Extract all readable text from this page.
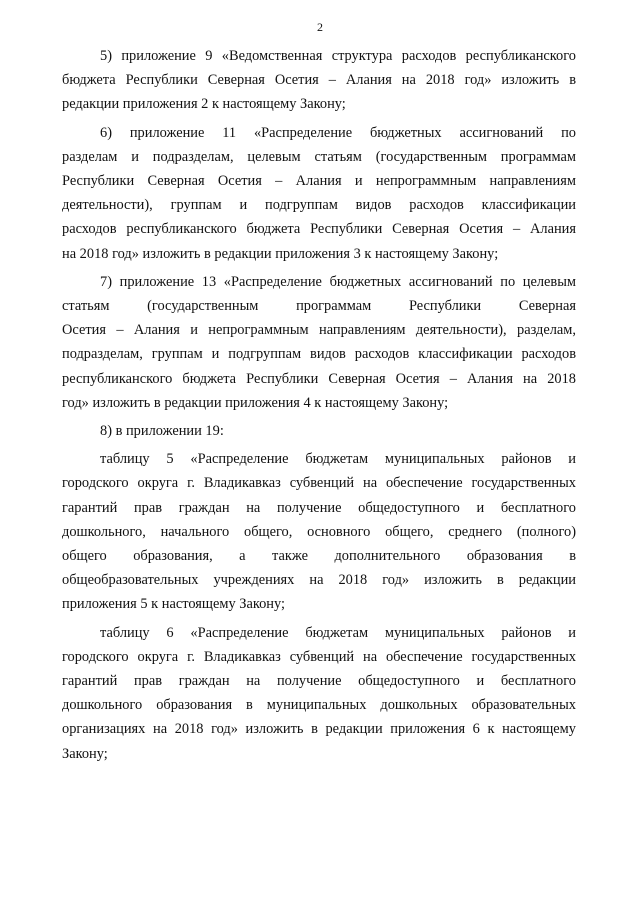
2
5) приложение 9 «Ведомственная структура расходов республиканского
бюджета Республики Северная Осетия – Алания на 2018 год» изложить в
редакции приложения 2 к настоящему Закону;
6) приложение 11 «Распределение бюджетных ассигнований по
разделам и подразделам, целевым статьям (государственным программам
Республики Северная Осетия – Алания и непрограммным направлениям
деятельности), группам и подгруппам видов расходов классификации
расходов республиканского бюджета Республики Северная Осетия – Алания
на 2018 год» изложить в редакции приложения 3 к настоящему Закону;
7) приложение 13 «Распределение бюджетных ассигнований по целевым
статьям (государственным программам Республики Северная
Осетия – Алания и непрограммным направлениям деятельности), разделам,
подразделам, группам и подгруппам видов расходов классификации расходов
республиканского бюджета Республики Северная Осетия – Алания на 2018
год» изложить в редакции приложения 4 к настоящему Закону;
8) в приложении 19:
таблицу 5 «Распределение бюджетам муниципальных районов и
городского округа г. Владикавказ субвенций на обеспечение государственных
гарантий прав граждан на получение общедоступного и бесплатного
дошкольного, начального общего, основного общего, среднего (полного)
общего образования, а также дополнительного образования в
общеобразовательных учреждениях на 2018 год» изложить в редакции
приложения 5 к настоящему Закону;
таблицу 6 «Распределение бюджетам муниципальных районов и
городского округа г. Владикавказ субвенций на обеспечение государственных
гарантий прав граждан на получение общедоступного и бесплатного
дошкольного образования в муниципальных дошкольных образовательных
организациях на 2018 год» изложить в редакции приложения 6 к настоящему
Закону;
